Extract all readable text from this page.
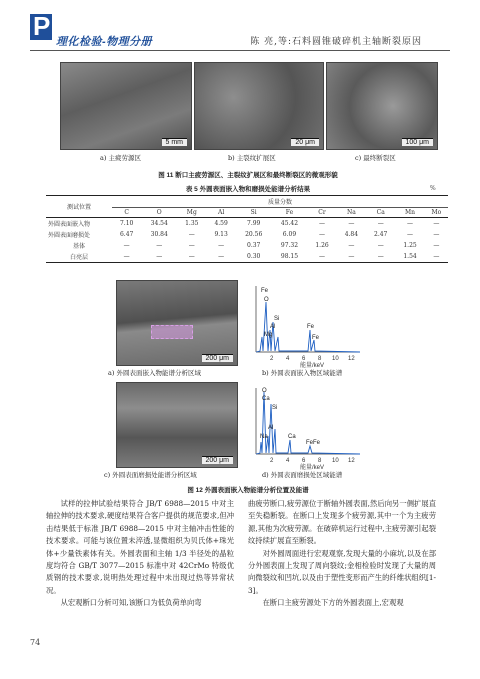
P
理化检验-物理分册	陈 亮,等:石料圆锥破碎机主轴断裂原因
5 mm	20 μm	100 μm
a) 主疲劳源区	b) 主裂纹扩展区	c) 最终断裂区
图 11 断口主疲劳源区、主裂纹扩展区和最终断裂区的微观形貌
表 5 外圆表面嵌入物和磨损处能谱分析结果	%
测试位置	质量分数										
	C	O	Mg	Al	Si	Fe	Cr	Na	Ca	Mn	Mo
外圆表面嵌入物	7.10	34.54	1.35	4.59	7.99	45.42	—	—	—	—	—
外圆表面磨损处	6.47	30.84	—	9.13	20.56	6.09	—	4.84	2.47	—	—
基体	—	—	—	—	0.37	97.32	1.26	—	—	1.25	—
白亮层	—	—	—	—	0.30	98.15	—	—	—	1.54	—
200 μm
200 μm
Fe
O
Si
Al
Mg
Fe
Fe
2 4 6 8 10 12
能量/keV
O
Ca
Si
Al
Na	Ca
FeFe
2 4 6 8 10 12
能量/keV
a) 外圆表面嵌入物能谱分析区域	b) 外圆表面嵌入物区域能谱
c) 外圆表面磨损处能谱分析区域	d) 外圆表面磨损处区域能谱
图 12 外圆表面嵌入物能谱分析位置及能谱

试样的拉伸试验结果符合 JB/T 6988—2015 中对主轴拉伸的技术要求,硬度结果符合客户提供的规范要求,但冲击结果低于标准 JB/T 6988—2015 中对主轴冲击性能的技术要求。可能与该位置未淬透,显微组织为贝氏体+珠光体+少量铁素体有关。外圆表面和主轴 1/3 半径处的晶粒度均符合 GB/T 3077—2015 标准中对 42CrMo 特级优质钢的技术要求,说明热处理过程中未出现过热等异常状况。

从宏观断口分析可知,该断口为低负荷单向弯

曲疲劳断口,疲劳源位于断轴外圆表面,然后向另一侧扩展直至失稳断裂。在断口上发现多个疲劳源,其中一个为主疲劳源,其他为次疲劳源。在破碎机运行过程中,主疲劳源引起裂纹持续扩展直至断裂。

对外圆周面进行宏观观察,发现大量的小麻坑,以及在部分外圆表面上发现了周向裂纹;金相检验时发现了大量的周向微裂纹和凹坑,以及由于塑性变形而产生的纤维状组织[1-3]。

在断口主疲劳源处下方的外圆表面上,宏观观

74
